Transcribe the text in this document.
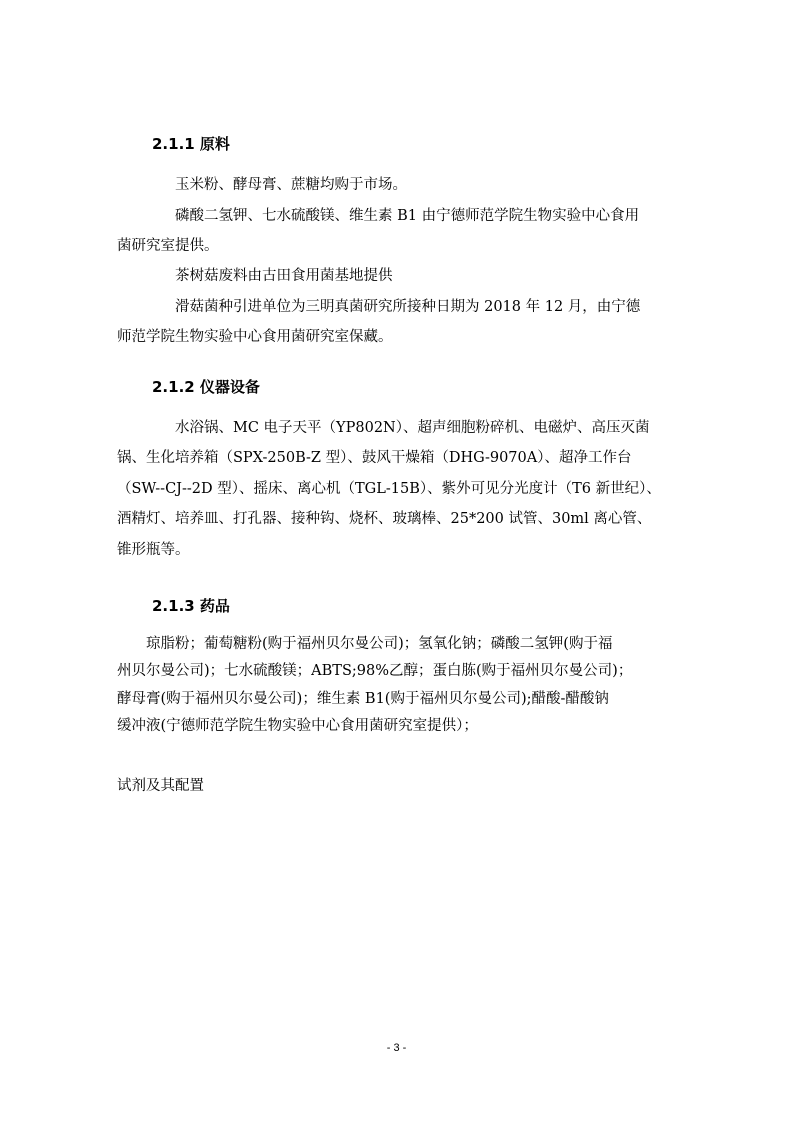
2.1.1 原料
玉米粉、酵母膏、蔗糖均购于市场。
磷酸二氢钾、七水硫酸镁、维生素 B1 由宁德师范学院生物实验中心食用
菌研究室提供。
茶树菇废料由古田食用菌基地提供
滑菇菌种引进单位为三明真菌研究所接种日期为 2018 年 12 月，由宁德
师范学院生物实验中心食用菌研究室保藏。
2.1.2 仪器设备
水浴锅、MC 电子天平（YP802N）、超声细胞粉碎机、电磁炉、高压灭菌
锅、生化培养箱（SPX-250B-Z 型）、鼓风干燥箱（DHG-9070A）、超净工作台
（SW--CJ--2D 型）、摇床、离心机（TGL-15B）、紫外可见分光度计（T6 新世纪）、
酒精灯、培养皿、打孔器、接种钩、烧杯、玻璃棒、25*200 试管、30ml 离心管、
锥形瓶等。
2.1.3 药品
琼脂粉；葡萄糖粉(购于福州贝尔曼公司)；氢氧化钠；磷酸二氢钾(购于福
州贝尔曼公司)；七水硫酸镁；ABTS;98%乙醇；蛋白胨(购于福州贝尔曼公司)；
酵母膏(购于福州贝尔曼公司)；维生素 B1(购于福州贝尔曼公司);醋酸-醋酸钠
缓冲液(宁德师范学院生物实验中心食用菌研究室提供）；
试剂及其配置
- 3 -
